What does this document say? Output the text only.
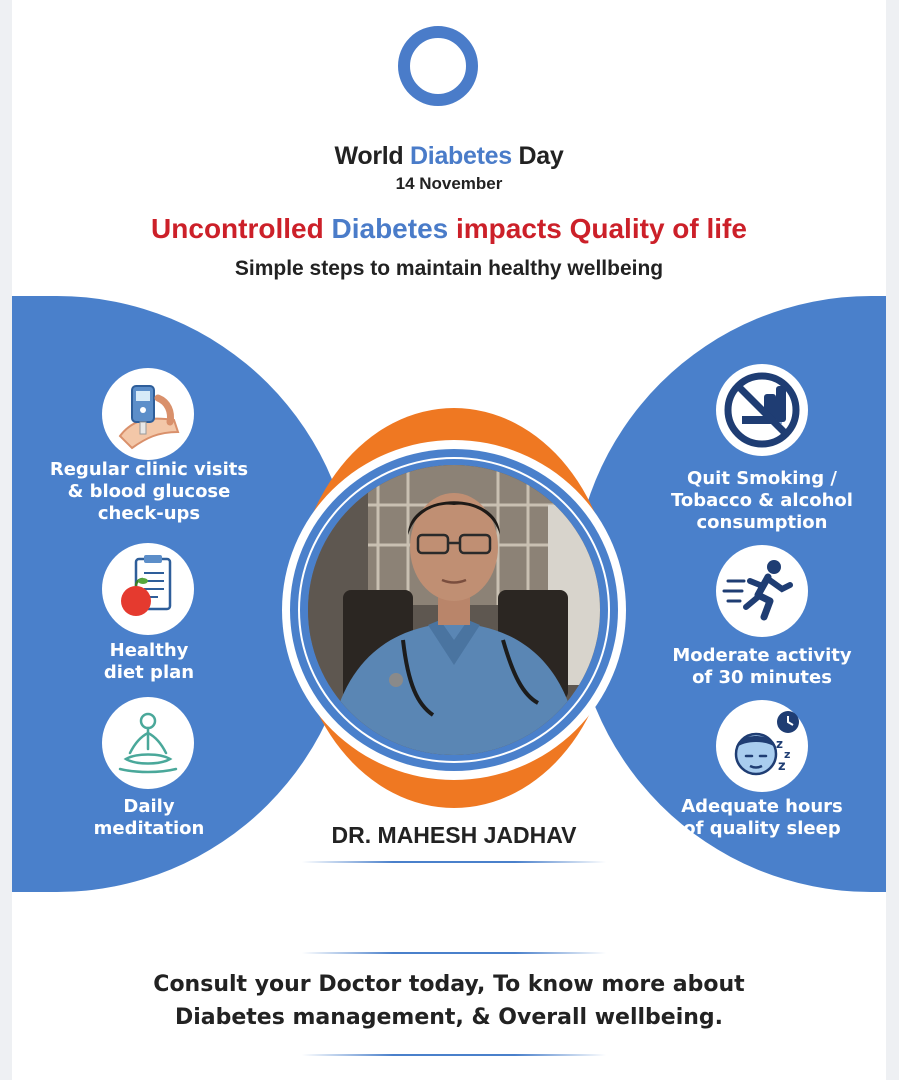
World Diabetes Day
14 November
Uncontrolled Diabetes impacts Quality of life
Simple steps to maintain healthy wellbeing
Regular clinic visits
& blood glucose
check-ups
Healthy
diet plan
Daily
meditation
Quit Smoking /
Tobacco & alcohol
consumption
Moderate activity
of 30 minutes
z
z
z
Adequate hours
of quality sleep
DR. MAHESH JADHAV
Consult your Doctor today, To know more about
Diabetes management, & Overall wellbeing.
